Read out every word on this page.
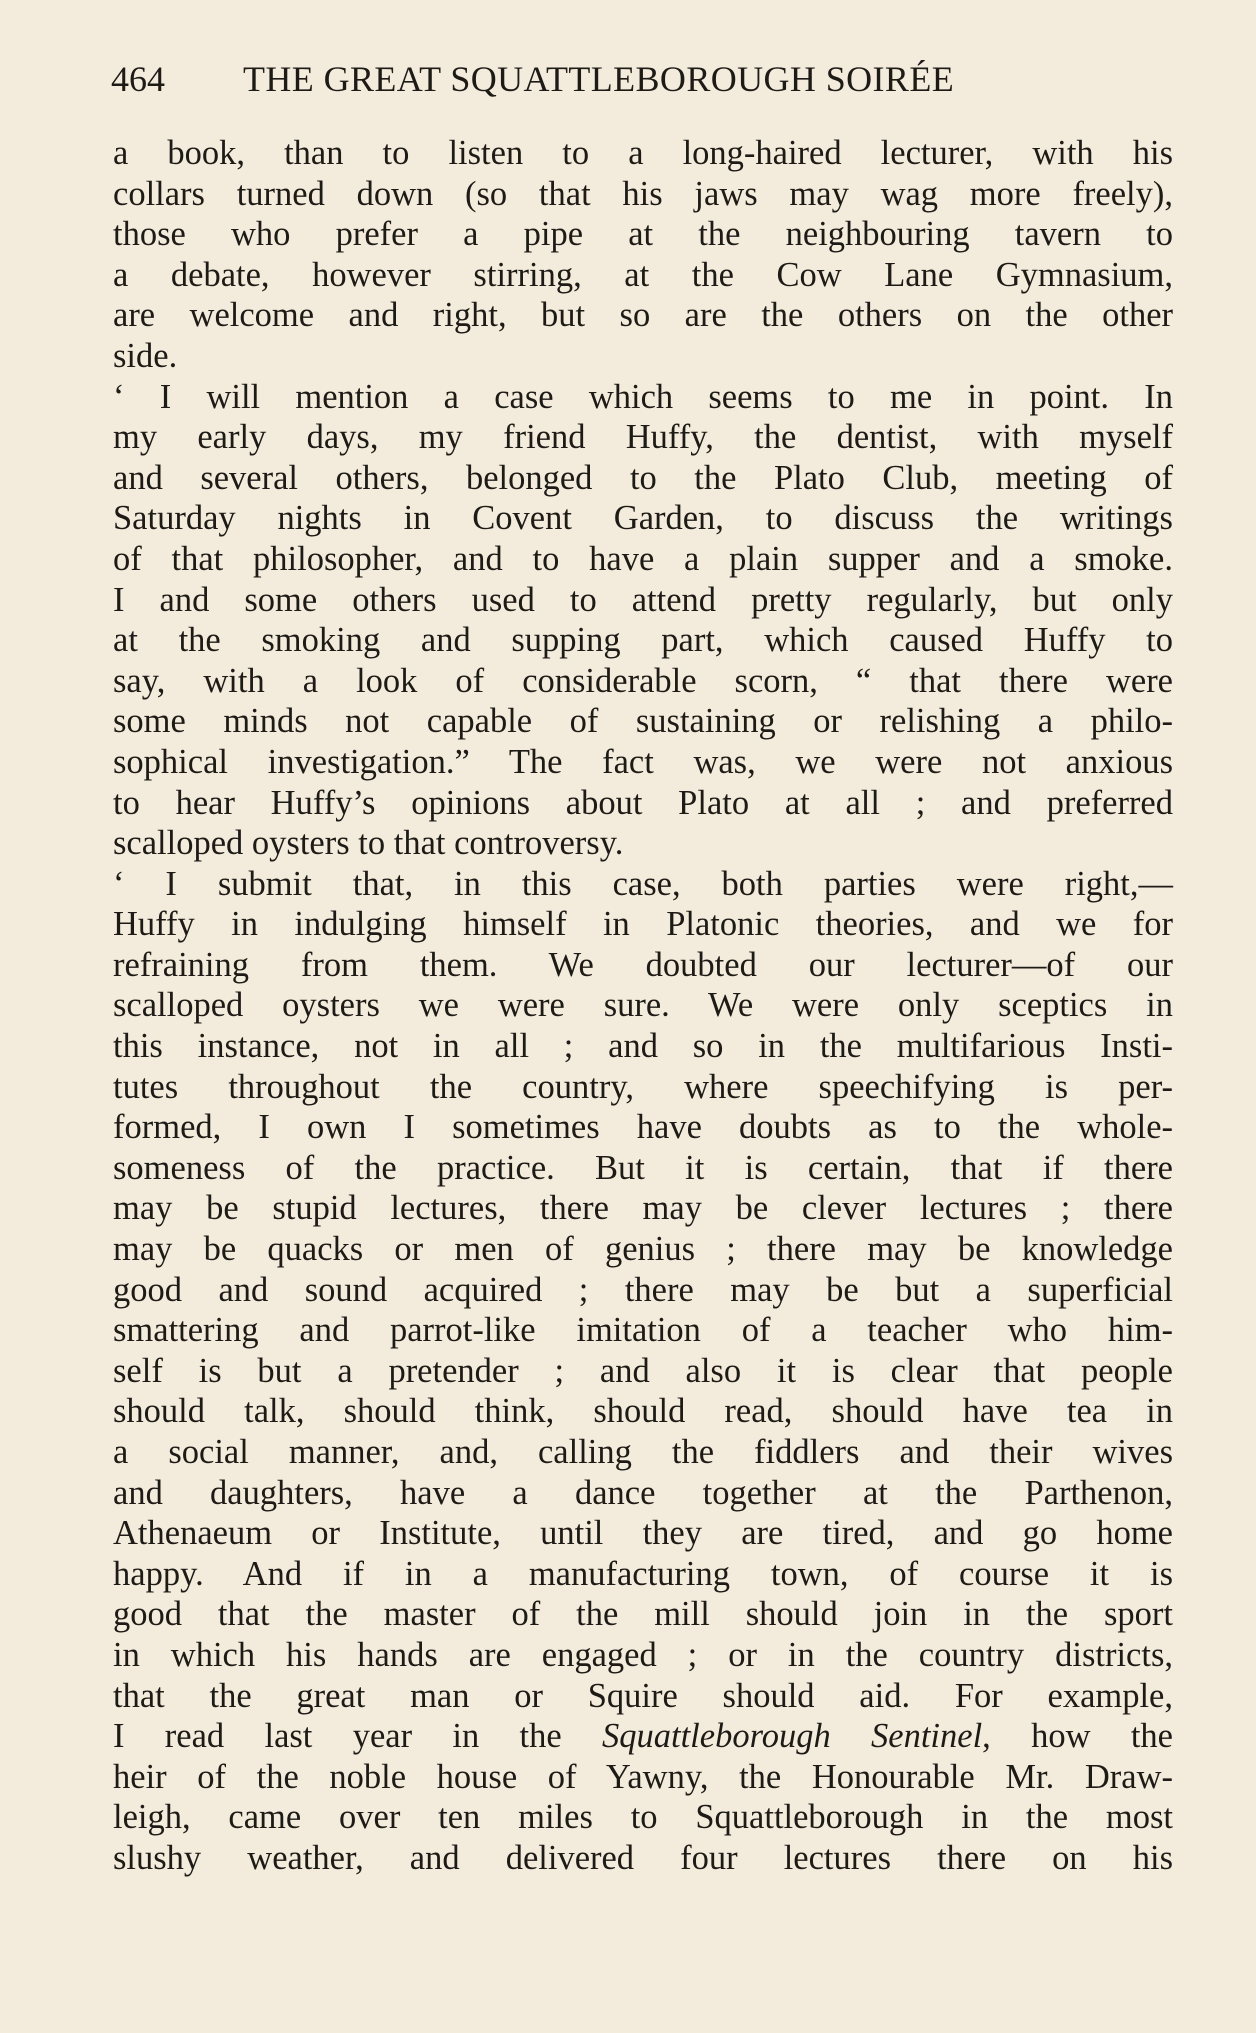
464 THE GREAT SQUATTLEBOROUGH SOIRÉE
a book, than to listen to a long-haired lecturer, with his
collars turned down (so that his jaws may wag more freely),
those who prefer a pipe at the neighbouring tavern to
a debate, however stirring, at the Cow Lane Gymnasium,
are welcome and right, but so are the others on the other
side.
‘ I will mention a case which seems to me in point. In
my early days, my friend Huffy, the dentist, with myself
and several others, belonged to the Plato Club, meeting of
Saturday nights in Covent Garden, to discuss the writings
of that philosopher, and to have a plain supper and a smoke.
I and some others used to attend pretty regularly, but only
at the smoking and supping part, which caused Huffy to
say, with a look of considerable scorn, “ that there were
some minds not capable of sustaining or relishing a philo-
sophical investigation.” The fact was, we were not anxious
to hear Huffy’s opinions about Plato at all ; and preferred
scalloped oysters to that controversy.
‘ I submit that, in this case, both parties were right,—
Huffy in indulging himself in Platonic theories, and we for
refraining from them. We doubted our lecturer—of our
scalloped oysters we were sure. We were only sceptics in
this instance, not in all ; and so in the multifarious Insti-
tutes throughout the country, where speechifying is per-
formed, I own I sometimes have doubts as to the whole-
someness of the practice. But it is certain, that if there
may be stupid lectures, there may be clever lectures ; there
may be quacks or men of genius ; there may be knowledge
good and sound acquired ; there may be but a superficial
smattering and parrot-like imitation of a teacher who him-
self is but a pretender ; and also it is clear that people
should talk, should think, should read, should have tea in
a social manner, and, calling the fiddlers and their wives
and daughters, have a dance together at the Parthenon,
Athenaeum or Institute, until they are tired, and go home
happy. And if in a manufacturing town, of course it is
good that the master of the mill should join in the sport
in which his hands are engaged ; or in the country districts,
that the great man or Squire should aid. For example,
I read last year in the Squattleborough Sentinel, how the
heir of the noble house of Yawny, the Honourable Mr. Draw-
leigh, came over ten miles to Squattleborough in the most
slushy weather, and delivered four lectures there on his
